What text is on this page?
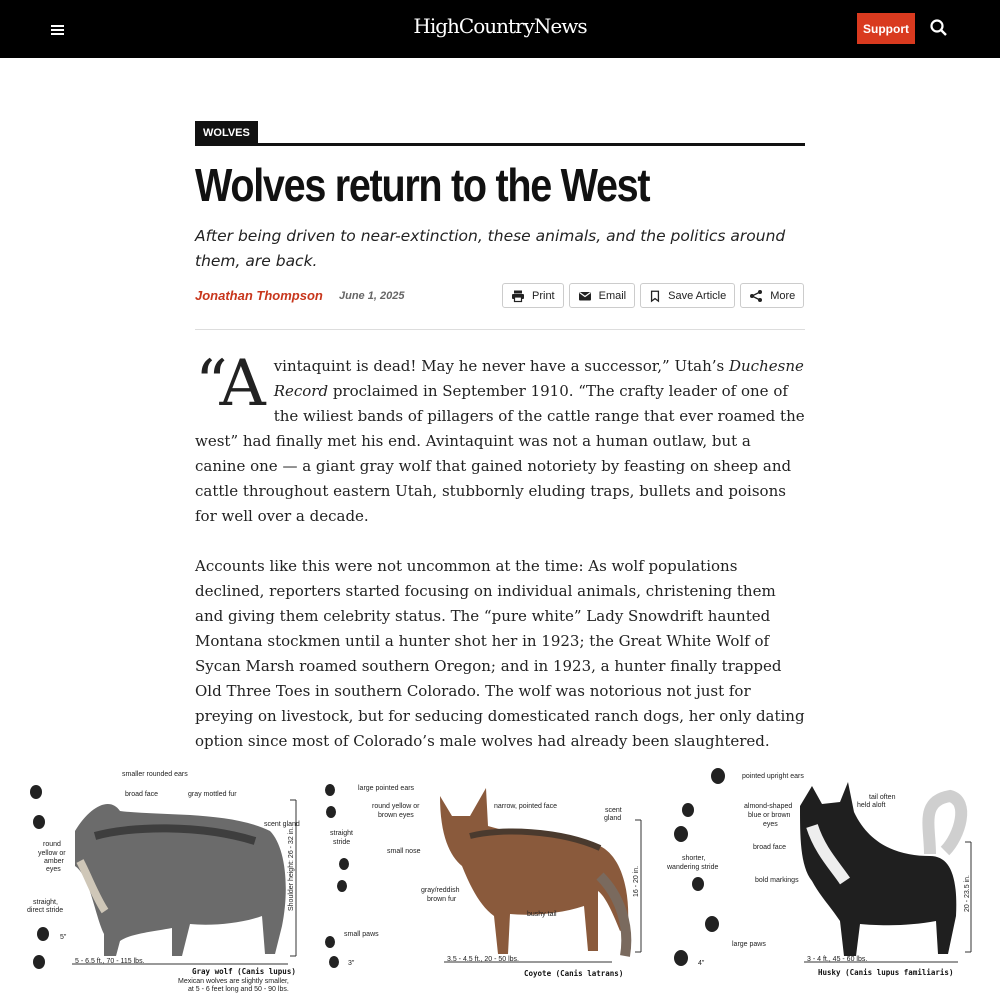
HighCountryNews	Support
WOLVES
Wolves return to the West
After being driven to near-extinction, these animals, and the politics around them, are back.
Jonathan Thompson June 1, 2025	Print	Email	Save Article	More

“Avintaquint is dead! May he never have a successor,” Utah’s Duchesne Record proclaimed in September 1910. “The crafty leader of one of the wiliest bands of pillagers of the cattle range that ever roamed the west” had finally met his end. Avintaquint was not a human outlaw, but a canine one — a giant gray wolf that gained notoriety by feasting on sheep and cattle throughout eastern Utah, stubbornly eluding traps, bullets and poisons for well over a decade.

Accounts like this were not uncommon at the time: As wolf populations declined, reporters started focusing on individual animals, christening them and giving them celebrity status. The “pure white” Lady Snowdrift haunted Montana stockmen until a hunter shot her in 1923; the Great White Wolf of Sycan Marsh roamed southern Oregon; and in 1923, a hunter finally trapped Old Three Toes in southern Colorado. The wolf was notorious not just for preying on livestock, but for seducing domesticated ranch dogs, her only dating option since most of Colorado’s male wolves had already been slaughtered.

smaller rounded ears
broad face	gray mottled fur
scent gland
round
yellow or
amber
eyes
straight,
direct stride
5"
Shoulder height: 26 - 32 in.
5 - 6.5 ft., 70 - 115 lbs.
Gray wolf (Canis lupus)
Mexican wolves are slightly smaller,
at 5 - 6 feet long and 50 - 90 lbs.
large pointed ears
round yellow or
brown eyes
narrow, pointed face
scent
gland
straight
stride
small nose
gray/reddish
brown fur
bushy tail
small paws
3"
16 - 20 in.
3.5 - 4.5 ft., 20 - 50 lbs.
Coyote (Canis latrans)
pointed upright ears
almond-shaped
blue or brown
eyes
tail often
held aloft
broad face
shorter,
wandering stride
bold markings
large paws
4"
20 - 23.5 in.
3 - 4 ft., 45 - 60 lbs.
Husky (Canis lupus familiaris)
